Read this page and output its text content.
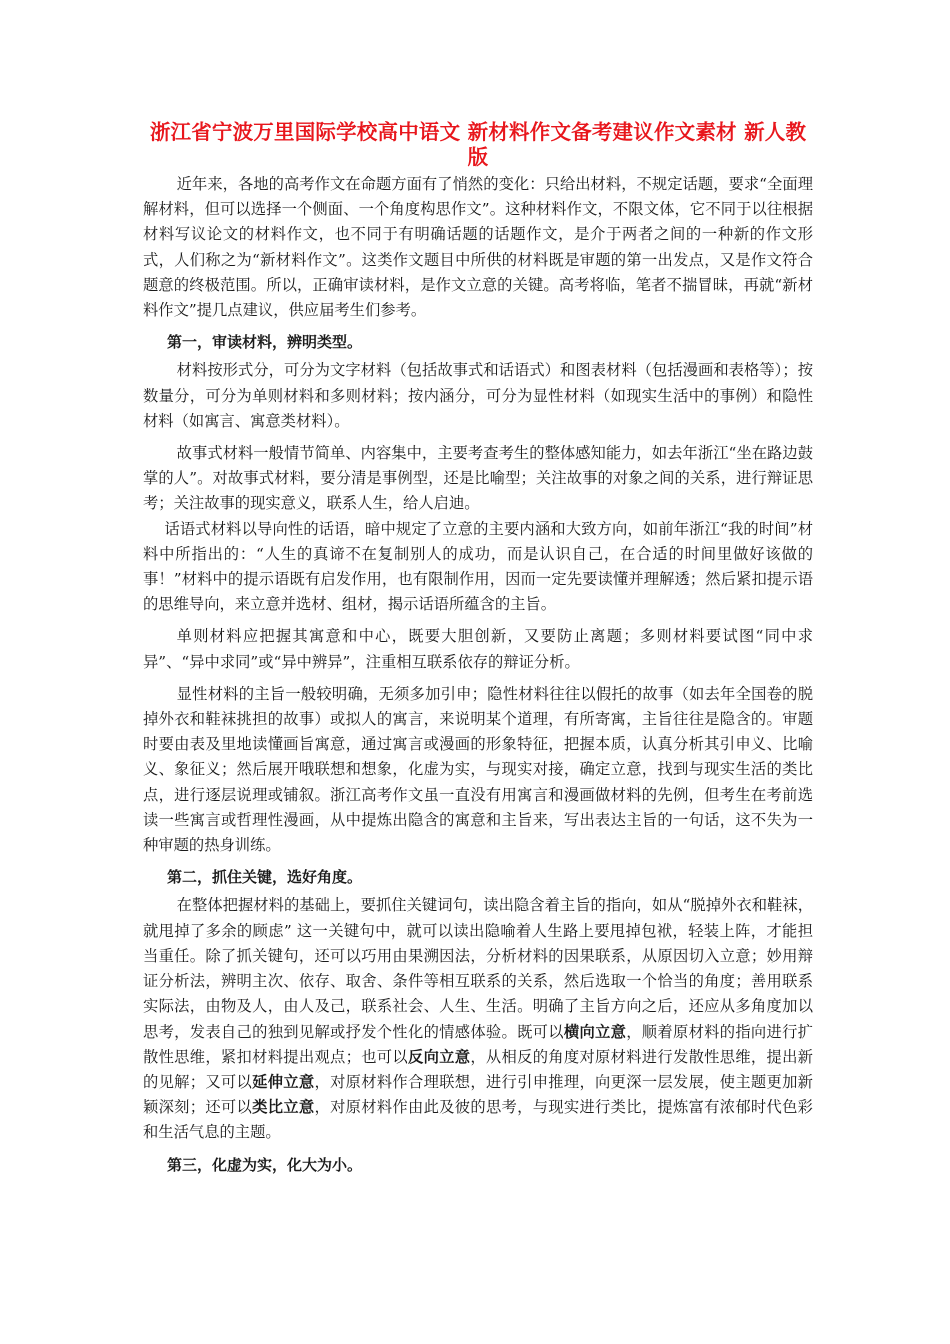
浙江省宁波万里国际学校高中语文 新材料作文备考建议作文素材 新人教版

近年来，各地的高考作文在命题方面有了悄然的变化：只给出材料，不规定话题，要求“全面理解材料，但可以选择一个侧面、一个角度构思作文”。这种材料作文，不限文体，它不同于以往根据材料写议论文的材料作文，也不同于有明确话题的话题作文，是介于两者之间的一种新的作文形式，人们称之为“新材料作文”。这类作文题目中所供的材料既是审题的第一出发点，又是作文符合题意的终极范围。所以，正确审读材料，是作文立意的关键。高考将临，笔者不揣冒昧，再就“新材料作文”提几点建议，供应届考生们参考。

第一，审读材料，辨明类型。

材料按形式分，可分为文字材料（包括故事式和话语式）和图表材料（包括漫画和表格等）；按数量分，可分为单则材料和多则材料；按内涵分，可分为显性材料（如现实生活中的事例）和隐性材料（如寓言、寓意类材料）。

故事式材料一般情节简单、内容集中，主要考查考生的整体感知能力，如去年浙江“坐在路边鼓掌的人”。对故事式材料，要分清是事例型，还是比喻型；关注故事的对象之间的关系，进行辩证思考；关注故事的现实意义，联系人生，给人启迪。

话语式材料以导向性的话语，暗中规定了立意的主要内涵和大致方向，如前年浙江“我的时间”材料中所指出的：“人生的真谛不在复制别人的成功，而是认识自己，在合适的时间里做好该做的事！”材料中的提示语既有启发作用，也有限制作用，因而一定先要读懂并理解透；然后紧扣提示语的思维导向，来立意并选材、组材，揭示话语所蕴含的主旨。

单则材料应把握其寓意和中心，既要大胆创新，又要防止离题；多则材料要试图“同中求异”、“异中求同”或“异中辨异”，注重相互联系依存的辩证分析。

显性材料的主旨一般较明确，无须多加引申；隐性材料往往以假托的故事（如去年全国卷的脱掉外衣和鞋袜挑担的故事）或拟人的寓言，来说明某个道理，有所寄寓，主旨往往是隐含的。审题时要由表及里地读懂画旨寓意，通过寓言或漫画的形象特征，把握本质，认真分析其引申义、比喻义、象征义；然后展开哦联想和想象，化虚为实，与现实对接，确定立意，找到与现实生活的类比点，进行逐层说理或铺叙。浙江高考作文虽一直没有用寓言和漫画做材料的先例，但考生在考前选读一些寓言或哲理性漫画，从中提炼出隐含的寓意和主旨来，写出表达主旨的一句话，这不失为一种审题的热身训练。

第二，抓住关键，选好角度。

在整体把握材料的基础上，要抓住关键词句，读出隐含着主旨的指向，如从“脱掉外衣和鞋袜，就甩掉了多余的顾虑” 这一关键句中，就可以读出隐喻着人生路上要甩掉包袱，轻装上阵，才能担当重任。除了抓关键句，还可以巧用由果溯因法，分析材料的因果联系，从原因切入立意；妙用辩证分析法，辨明主次、依存、取舍、条件等相互联系的关系，然后选取一个恰当的角度；善用联系实际法，由物及人，由人及己，联系社会、人生、生活。明确了主旨方向之后，还应从多角度加以思考，发表自己的独到见解或抒发个性化的情感体验。既可以横向立意，顺着原材料的指向进行扩散性思维，紧扣材料提出观点；也可以反向立意，从相反的角度对原材料进行发散性思维，提出新的见解；又可以延伸立意，对原材料作合理联想，进行引申推理，向更深一层发展，使主题更加新颖深刻；还可以类比立意，对原材料作由此及彼的思考，与现实进行类比，提炼富有浓郁时代色彩和生活气息的主题。

第三，化虚为实，化大为小。
